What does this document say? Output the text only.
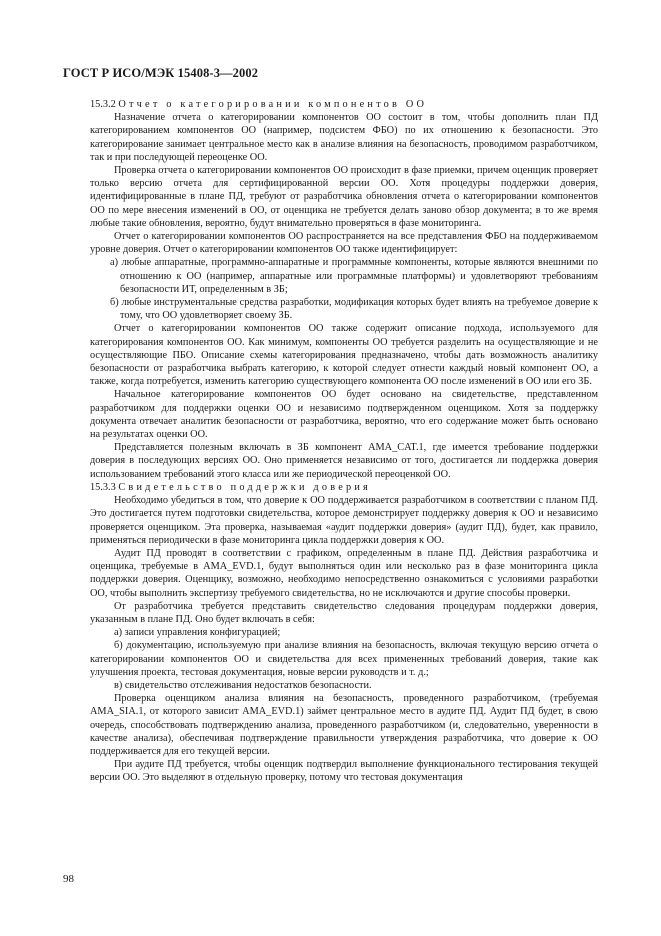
ГОСТ Р ИСО/МЭК 15408-3—2002

15.3.2 Отчет о категорировании компонентов ОО

Назначение отчета о категорировании компонентов ОО состоит в том, чтобы дополнить план ПД категорированием компонентов ОО (например, подсистем ФБО) по их отношению к безопасности. Это категорирование занимает центральное место как в анализе влияния на безопасность, проводимом разработчиком, так и при последующей переоценке ОО.

Проверка отчета о категорировании компонентов ОО происходит в фазе приемки, причем оценщик проверяет только версию отчета для сертифицированной версии ОО. Хотя процедуры поддержки доверия, идентифицированные в плане ПД, требуют от разработчика обновления отчета о категорировании компонентов ОО по мере внесения изменений в ОО, от оценщика не требуется делать заново обзор документа; в то же время любые такие обновления, вероятно, будут внимательно проверяться в фазе мониторинга.

Отчет о категорировании компонентов ОО распространяется на все представления ФБО на поддерживаемом уровне доверия. Отчет о категорировании компонентов ОО также идентифицирует:

а) любые аппаратные, программно-аппаратные и программные компоненты, которые являются внешними по отношению к ОО (например, аппаратные или программные платформы) и удовлетворяют требованиям безопасности ИТ, определенным в ЗБ;

б) любые инструментальные средства разработки, модификация которых будет влиять на требуемое доверие к тому, что ОО удовлетворяет своему ЗБ.

Отчет о категорировании компонентов ОО также содержит описание подхода, используемого для категорирования компонентов ОО. Как минимум, компоненты ОО требуется разделить на осуществляющие и не осуществляющие ПБО. Описание схемы категорирования предназначено, чтобы дать возможность аналитику безопасности от разработчика выбрать категорию, к которой следует отнести каждый новый компонент ОО, а также, когда потребуется, изменить категорию существующего компонента ОО после изменений в ОО или его ЗБ.

Начальное категорирование компонентов ОО будет основано на свидетельстве, представленном разработчиком для поддержки оценки ОО и независимо подтвержденном оценщиком. Хотя за поддержку документа отвечает аналитик безопасности от разработчика, вероятно, что его содержание может быть основано на результатах оценки ОО.

Представляется полезным включать в ЗБ компонент AMA_CAT.1, где имеется требование поддержки доверия в последующих версиях ОО. Оно применяется независимо от того, достигается ли поддержка доверия использованием требований этого класса или же периодической переоценкой ОО.

15.3.3 Свидетельство поддержки доверия

Необходимо убедиться в том, что доверие к ОО поддерживается разработчиком в соответствии с планом ПД. Это достигается путем подготовки свидетельства, которое демонстрирует поддержку доверия к ОО и независимо проверяется оценщиком. Эта проверка, называемая «аудит поддержки доверия» (аудит ПД), будет, как правило, применяться периодически в фазе мониторинга цикла поддержки доверия к ОО.

Аудит ПД проводят в соответствии с графиком, определенным в плане ПД. Действия разработчика и оценщика, требуемые в AMA_EVD.1, будут выполняться один или несколько раз в фазе мониторинга цикла поддержки доверия. Оценщику, возможно, необходимо непосредственно ознакомиться с условиями разработки ОО, чтобы выполнить экспертизу требуемого свидетельства, но не исключаются и другие способы проверки.

От разработчика требуется представить свидетельство следования процедурам поддержки доверия, указанным в плане ПД. Оно будет включать в себя:

а) записи управления конфигурацией;

б) документацию, используемую при анализе влияния на безопасность, включая текущую версию отчета о категорировании компонентов ОО и свидетельства для всех примененных требований доверия, такие как улучшения проекта, тестовая документация, новые версии руководств и т. д.;

в) свидетельство отслеживания недостатков безопасности.

Проверка оценщиком анализа влияния на безопасность, проведенного разработчиком, (требуемая AMA_SIA.1, от которого зависит AMA_EVD.1) займет центральное место в аудите ПД. Аудит ПД будет, в свою очередь, способствовать подтверждению анализа, проведенного разработчиком (и, следовательно, уверенности в качестве анализа), обеспечивая подтверждение правильности утверждения разработчика, что доверие к ОО поддерживается для его текущей версии.

При аудите ПД требуется, чтобы оценщик подтвердил выполнение функционального тестирования текущей версии ОО. Это выделяют в отдельную проверку, потому что тестовая документация

98
